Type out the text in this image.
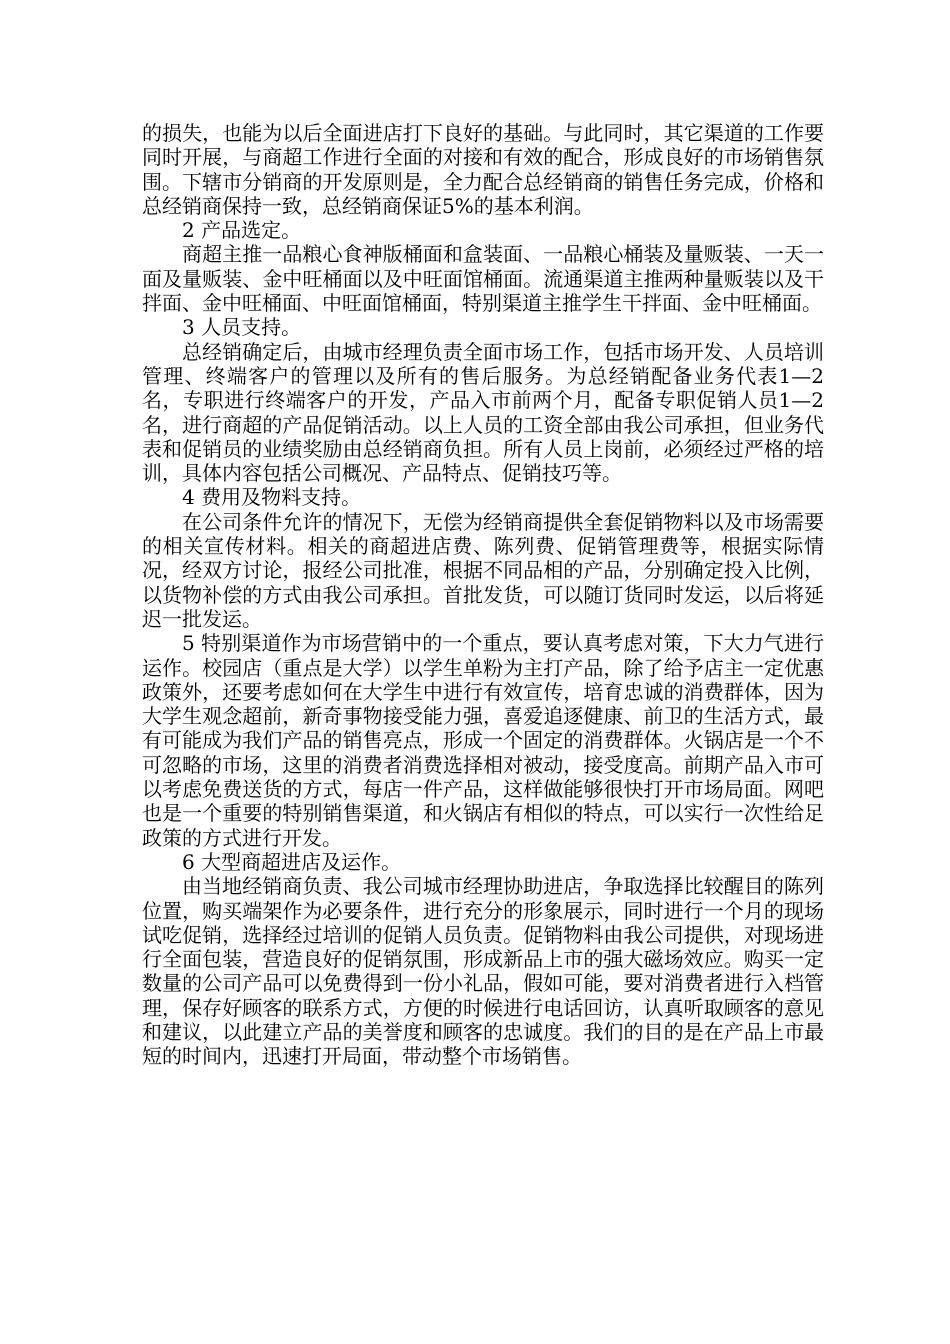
的损失，也能为以后全面进店打下良好的基础。与此同时，其它渠道的工作要同时开展，与商超工作进行全面的对接和有效的配合，形成良好的市场销售氛围。下辖市分销商的开发原则是，全力配合总经销商的销售任务完成，价格和总经销商保持一致，总经销商保证5%的基本利润。

2 产品选定。

商超主推一品粮心食神版桶面和盒装面、一品粮心桶装及量贩装、一天一面及量贩装、金中旺桶面以及中旺面馆桶面。流通渠道主推两种量贩装以及干拌面、金中旺桶面、中旺面馆桶面，特别渠道主推学生干拌面、金中旺桶面。

3 人员支持。

总经销确定后，由城市经理负责全面市场工作，包括市场开发、人员培训管理、终端客户的管理以及所有的售后服务。为总经销配备业务代表1—2名，专职进行终端客户的开发，产品入市前两个月，配备专职促销人员1—2名，进行商超的产品促销活动。以上人员的工资全部由我公司承担，但业务代表和促销员的业绩奖励由总经销商负担。所有人员上岗前，必须经过严格的培训，具体内容包括公司概况、产品特点、促销技巧等。

4 费用及物料支持。

在公司条件允许的情况下，无偿为经销商提供全套促销物料以及市场需要的相关宣传材料。相关的商超进店费、陈列费、促销管理费等，根据实际情况，经双方讨论，报经公司批准，根据不同品相的产品，分别确定投入比例，以货物补偿的方式由我公司承担。首批发货，可以随订货同时发运，以后将延迟一批发运。

5 特别渠道作为市场营销中的一个重点，要认真考虑对策，下大力气进行运作。校园店（重点是大学）以学生单粉为主打产品，除了给予店主一定优惠政策外，还要考虑如何在大学生中进行有效宣传，培育忠诚的消费群体，因为大学生观念超前，新奇事物接受能力强，喜爱追逐健康、前卫的生活方式，最有可能成为我们产品的销售亮点，形成一个固定的消费群体。火锅店是一个不可忽略的市场，这里的消费者消费选择相对被动，接受度高。前期产品入市可以考虑免费送货的方式，每店一件产品，这样做能够很快打开市场局面。网吧也是一个重要的特别销售渠道，和火锅店有相似的特点，可以实行一次性给足政策的方式进行开发。

6 大型商超进店及运作。

由当地经销商负责、我公司城市经理协助进店，争取选择比较醒目的陈列位置，购买端架作为必要条件，进行充分的形象展示，同时进行一个月的现场试吃促销，选择经过培训的促销人员负责。促销物料由我公司提供，对现场进行全面包装，营造良好的促销氛围，形成新品上市的强大磁场效应。购买一定数量的公司产品可以免费得到一份小礼品，假如可能，要对消费者进行入档管理，保存好顾客的联系方式，方便的时候进行电话回访，认真听取顾客的意见和建议，以此建立产品的美誉度和顾客的忠诚度。我们的目的是在产品上市最短的时间内，迅速打开局面，带动整个市场销售。
